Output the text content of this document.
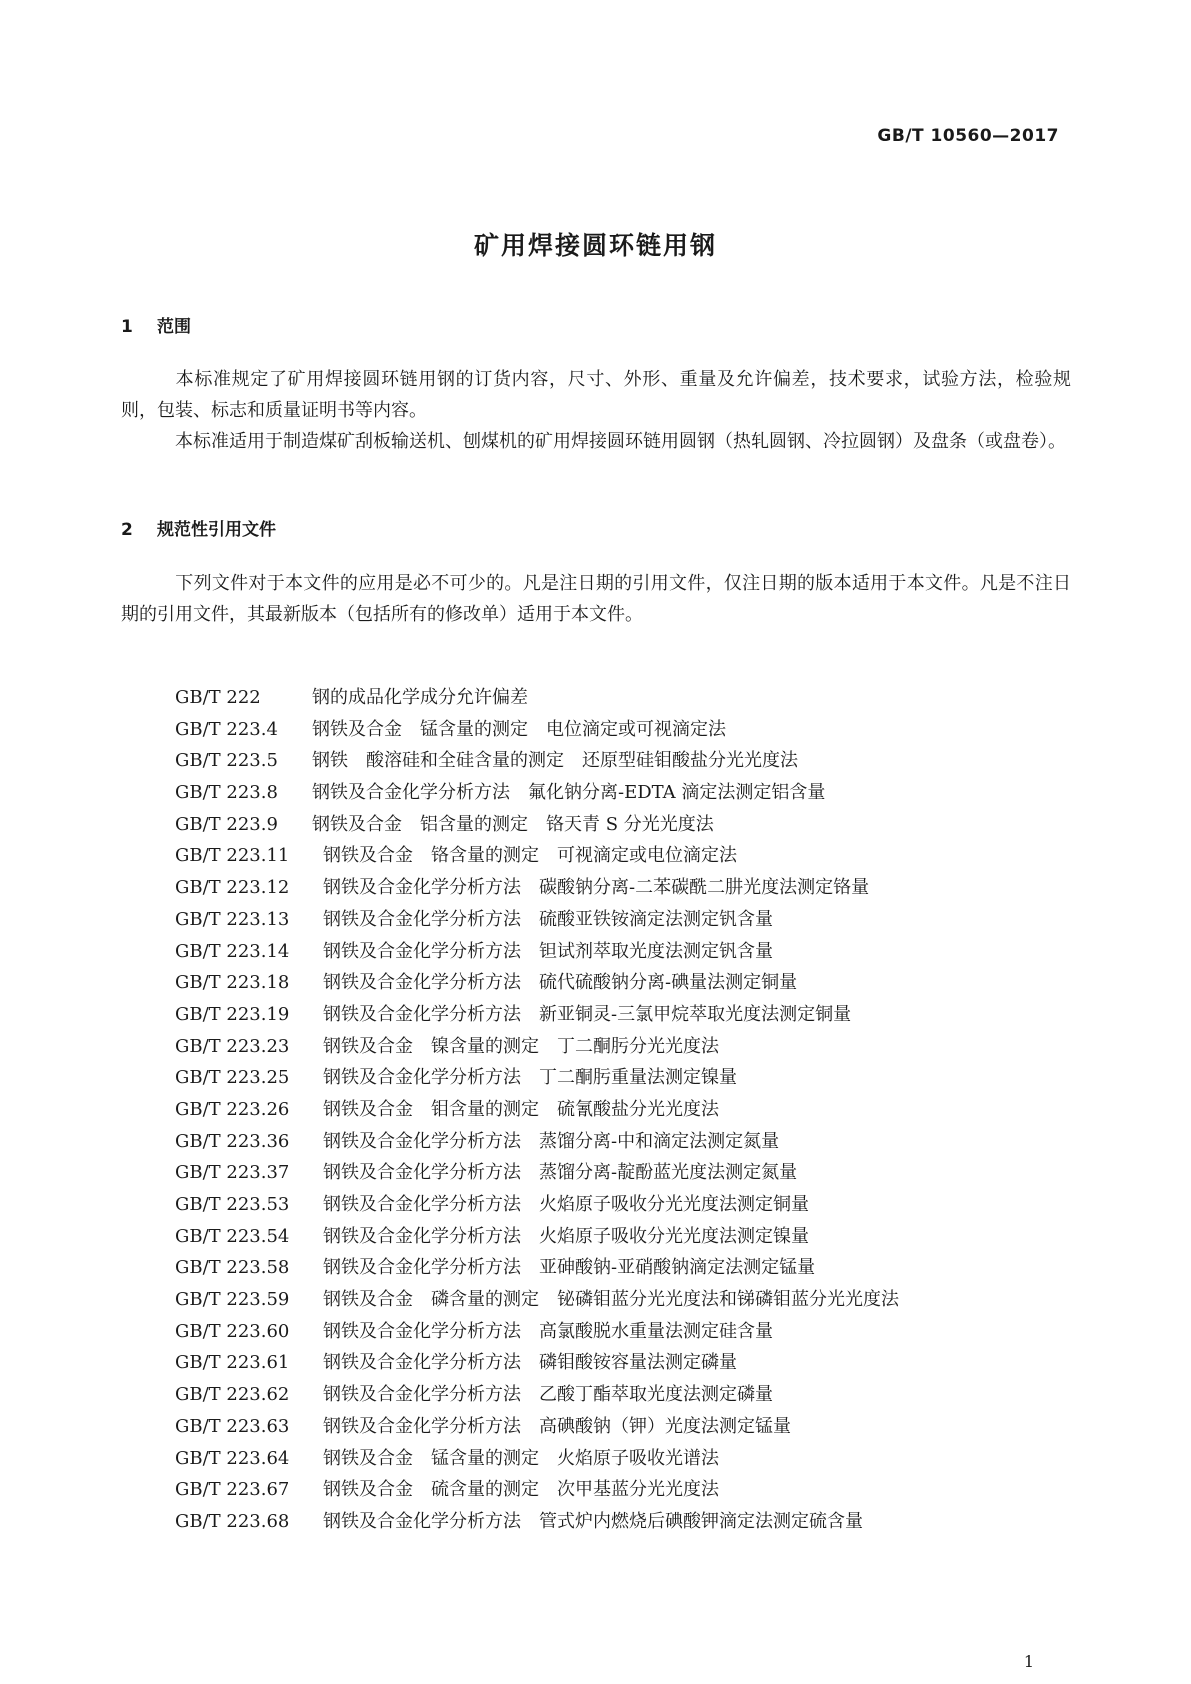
GB/T 10560—2017
矿用焊接圆环链用钢
1 范围
本标准规定了矿用焊接圆环链用钢的订货内容，尺寸、外形、重量及允许偏差，技术要求，试验方法，检验规则，包装、标志和质量证明书等内容。
本标准适用于制造煤矿刮板输送机、刨煤机的矿用焊接圆环链用圆钢（热轧圆钢、冷拉圆钢）及盘条（或盘卷）。
2 规范性引用文件
下列文件对于本文件的应用是必不可少的。凡是注日期的引用文件，仅注日期的版本适用于本文件。凡是不注日期的引用文件，其最新版本（包括所有的修改单）适用于本文件。
GB/T 222	钢的成品化学成分允许偏差
GB/T 223.4 钢铁及合金　锰含量的测定　电位滴定或可视滴定法
GB/T 223.5 钢铁　酸溶硅和全硅含量的测定　还原型硅钼酸盐分光光度法
GB/T 223.8 钢铁及合金化学分析方法　氟化钠分离-EDTA 滴定法测定铝含量
GB/T 223.9 钢铁及合金　铝含量的测定　铬天青 S 分光光度法
GB/T 223.11 钢铁及合金　铬含量的测定　可视滴定或电位滴定法
GB/T 223.12 钢铁及合金化学分析方法　碳酸钠分离-二苯碳酰二肼光度法测定铬量
GB/T 223.13 钢铁及合金化学分析方法　硫酸亚铁铵滴定法测定钒含量
GB/T 223.14 钢铁及合金化学分析方法　钽试剂萃取光度法测定钒含量
GB/T 223.18 钢铁及合金化学分析方法　硫代硫酸钠分离-碘量法测定铜量
GB/T 223.19 钢铁及合金化学分析方法　新亚铜灵-三氯甲烷萃取光度法测定铜量
GB/T 223.23 钢铁及合金　镍含量的测定　丁二酮肟分光光度法
GB/T 223.25 钢铁及合金化学分析方法　丁二酮肟重量法测定镍量
GB/T 223.26 钢铁及合金　钼含量的测定　硫氰酸盐分光光度法
GB/T 223.36 钢铁及合金化学分析方法　蒸馏分离-中和滴定法测定氮量
GB/T 223.37 钢铁及合金化学分析方法　蒸馏分离-靛酚蓝光度法测定氮量
GB/T 223.53 钢铁及合金化学分析方法　火焰原子吸收分光光度法测定铜量
GB/T 223.54 钢铁及合金化学分析方法　火焰原子吸收分光光度法测定镍量
GB/T 223.58 钢铁及合金化学分析方法　亚砷酸钠-亚硝酸钠滴定法测定锰量
GB/T 223.59 钢铁及合金　磷含量的测定　铋磷钼蓝分光光度法和锑磷钼蓝分光光度法
GB/T 223.60 钢铁及合金化学分析方法　高氯酸脱水重量法测定硅含量
GB/T 223.61 钢铁及合金化学分析方法　磷钼酸铵容量法测定磷量
GB/T 223.62 钢铁及合金化学分析方法　乙酸丁酯萃取光度法测定磷量
GB/T 223.63 钢铁及合金化学分析方法　高碘酸钠（钾）光度法测定锰量
GB/T 223.64 钢铁及合金　锰含量的测定　火焰原子吸收光谱法
GB/T 223.67 钢铁及合金　硫含量的测定　次甲基蓝分光光度法
GB/T 223.68 钢铁及合金化学分析方法　管式炉内燃烧后碘酸钾滴定法测定硫含量
1
